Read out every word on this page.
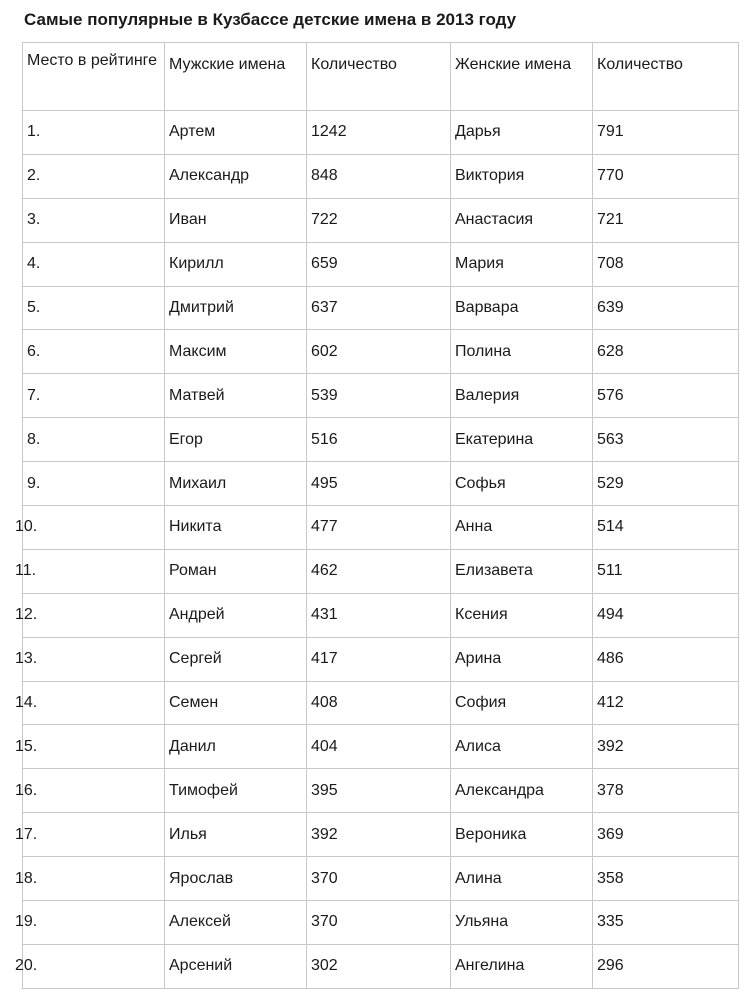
Самые популярные в Кузбассе детские имена в 2013 году
Место в рейтинге	Мужские имена	Количество	Женские имена	Количество
1.	Артем	1242	Дарья	791
2.	Александр	848	Виктория	770
3.	Иван	722	Анастасия	721
4.	Кирилл	659	Мария	708
5.	Дмитрий	637	Варвара	639
6.	Максим	602	Полина	628
7.	Матвей	539	Валерия	576
8.	Егор	516	Екатерина	563
9.	Михаил	495	Софья	529
10.	Никита	477	Анна	514
11.	Роман	462	Елизавета	511
12.	Андрей	431	Ксения	494
13.	Сергей	417	Арина	486
14.	Семен	408	София	412
15.	Данил	404	Алиса	392
16.	Тимофей	395	Александра	378
17.	Илья	392	Вероника	369
18.	Ярослав	370	Алина	358
19.	Алексей	370	Ульяна	335
20.	Арсений	302	Ангелина	296
